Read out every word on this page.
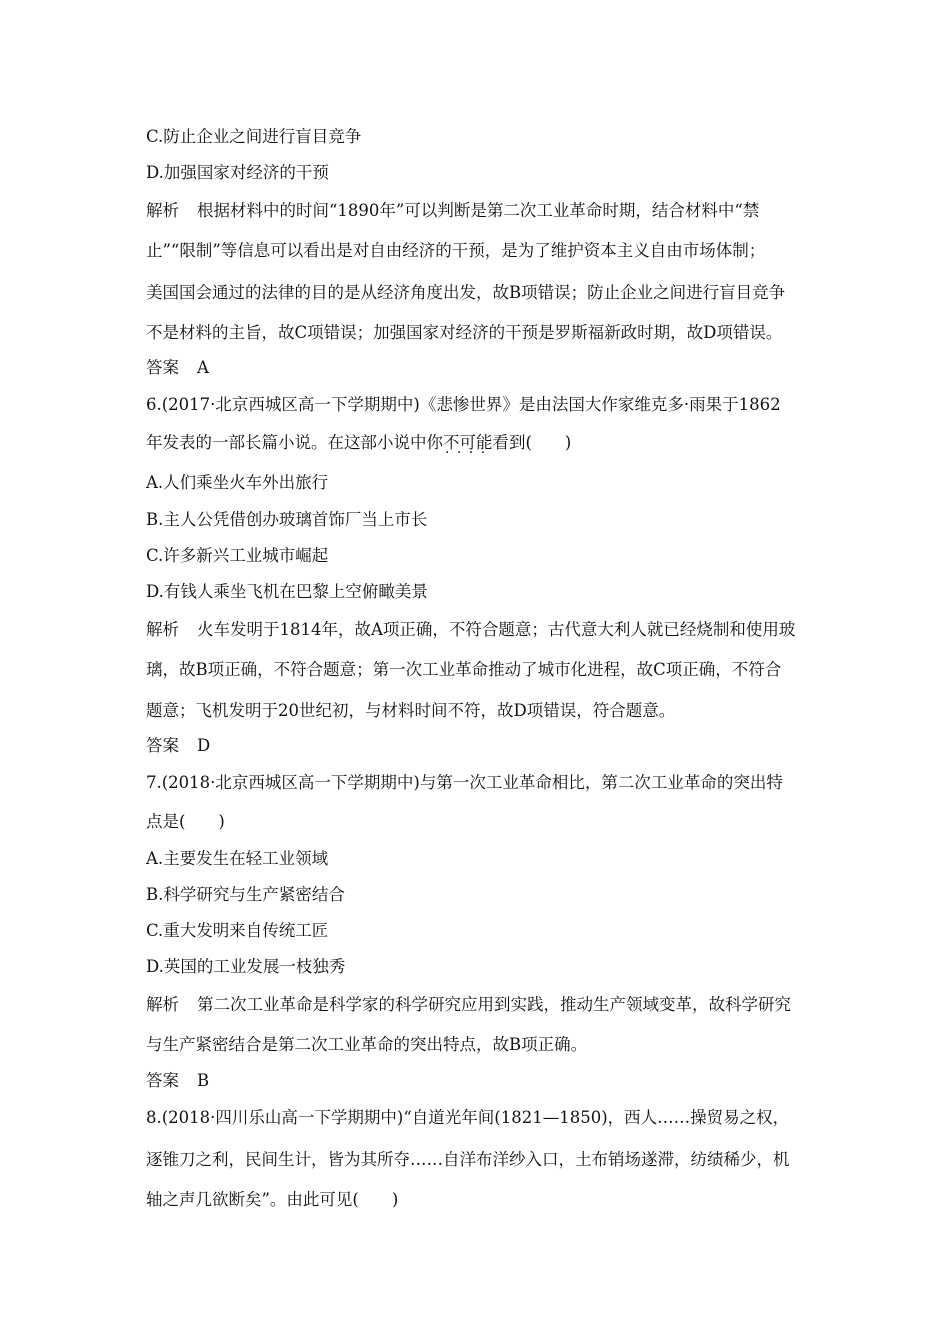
C.防止企业之间进行盲目竞争
D.加强国家对经济的干预
解析 根据材料中的时间“1890年”可以判断是第二次工业革命时期，结合材料中“禁
止”“限制”等信息可以看出是对自由经济的干预，是为了维护资本主义自由市场体制；
美国国会通过的法律的目的是从经济角度出发，故B项错误；防止企业之间进行盲目竞争
不是材料的主旨，故C项错误；加强国家对经济的干预是罗斯福新政时期，故D项错误。
答案 A
6.(2017·北京西城区高一下学期期中)《悲惨世界》是由法国大作家维克多·雨果于1862
年发表的一部长篇小说。在这部小说中你不可能 · · · ·看到(　　)
A.人们乘坐火车外出旅行
B.主人公凭借创办玻璃首饰厂当上市长
C.许多新兴工业城市崛起
D.有钱人乘坐飞机在巴黎上空俯瞰美景
解析 火车发明于1814年，故A项正确，不符合题意；古代意大利人就已经烧制和使用玻
璃，故B项正确，不符合题意；第一次工业革命推动了城市化进程，故C项正确，不符合
题意；飞机发明于20世纪初，与材料时间不符，故D项错误，符合题意。
答案 D
7.(2018·北京西城区高一下学期期中)与第一次工业革命相比，第二次工业革命的突出特
点是(　　)
A.主要发生在轻工业领域
B.科学研究与生产紧密结合
C.重大发明来自传统工匠
D.英国的工业发展一枝独秀
解析 第二次工业革命是科学家的科学研究应用到实践，推动生产领域变革，故科学研究
与生产紧密结合是第二次工业革命的突出特点，故B项正确。
答案 B
8.(2018·四川乐山高一下学期期中)“自道光年间(1821—1850)，西人……操贸易之权，
逐锥刀之利，民间生计，皆为其所夺……自洋布洋纱入口，土布销场遂滞，纺绩稀少，机
轴之声几欲断矣”。由此可见(　　)
